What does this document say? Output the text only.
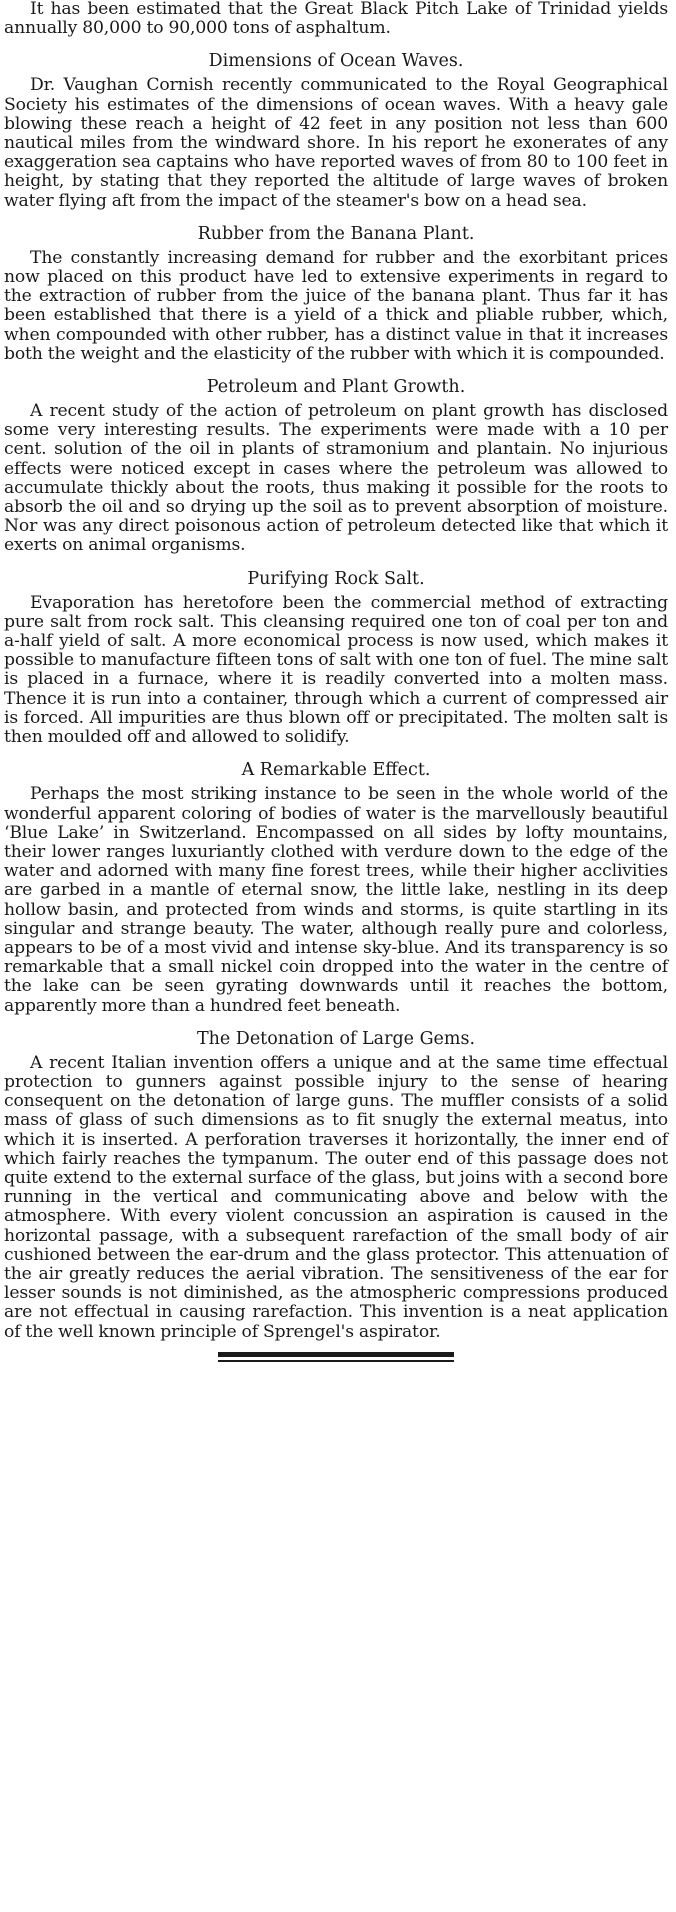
It has been estimated that the Great Black Pitch Lake of Trinidad yields annually 80,000 to 90,000 tons of asphaltum.

Dimensions of Ocean Waves.

Dr. Vaughan Cornish recently communicated to the Royal Geographical Society his estimates of the dimensions of ocean waves. With a heavy gale blowing these reach a height of 42 feet in any position not less than 600 nautical miles from the windward shore. In his report he exonerates of any exaggeration sea captains who have reported waves of from 80 to 100 feet in height, by stating that they reported the altitude of large waves of broken water flying aft from the impact of the steamer's bow on a head sea.

Rubber from the Banana Plant.

The constantly increasing demand for rubber and the exorbitant prices now placed on this product have led to extensive experiments in regard to the extraction of rubber from the juice of the banana plant. Thus far it has been established that there is a yield of a thick and pliable rubber, which, when compounded with other rubber, has a distinct value in that it increases both the weight and the elasticity of the rubber with which it is compounded.

Petroleum and Plant Growth.

A recent study of the action of petroleum on plant growth has disclosed some very interesting results. The experiments were made with a 10 per cent. solution of the oil in plants of stramonium and plantain. No injurious effects were noticed except in cases where the petroleum was allowed to accumulate thickly about the roots, thus making it possible for the roots to absorb the oil and so drying up the soil as to prevent absorption of moisture. Nor was any direct poisonous action of petroleum detected like that which it exerts on animal organisms.

Purifying Rock Salt.

Evaporation has heretofore been the commercial method of extracting pure salt from rock salt. This cleansing required one ton of coal per ton and a-half yield of salt. A more economical process is now used, which makes it possible to manufacture fifteen tons of salt with one ton of fuel. The mine salt is placed in a furnace, where it is readily converted into a molten mass. Thence it is run into a container, through which a current of compressed air is forced. All impurities are thus blown off or precipitated. The molten salt is then moulded off and allowed to solidify.

A Remarkable Effect.

Perhaps the most striking instance to be seen in the whole world of the wonderful apparent coloring of bodies of water is the marvellously beautiful ‘Blue Lake’ in Switzerland. Encompassed on all sides by lofty mountains, their lower ranges luxuriantly clothed with verdure down to the edge of the water and adorned with many fine forest trees, while their higher acclivities are garbed in a mantle of eternal snow, the little lake, nestling in its deep hollow basin, and protected from winds and storms, is quite startling in its singular and strange beauty. The water, although really pure and colorless, appears to be of a most vivid and intense sky-blue. And its transparency is so remarkable that a small nickel coin dropped into the water in the centre of the lake can be seen gyrating downwards until it reaches the bottom, apparently more than a hundred feet beneath.

The Detonation of Large Gems.

A recent Italian invention offers a unique and at the same time effectual protection to gunners against possible injury to the sense of hearing consequent on the detonation of large guns. The muffler consists of a solid mass of glass of such dimensions as to fit snugly the external meatus, into which it is inserted. A perforation traverses it horizontally, the inner end of which fairly reaches the tympanum. The outer end of this passage does not quite extend to the external surface of the glass, but joins with a second bore running in the vertical and communicating above and below with the atmosphere. With every violent concussion an aspiration is caused in the horizontal passage, with a subsequent rarefaction of the small body of air cushioned between the ear-drum and the glass protector. This attenuation of the air greatly reduces the aerial vibration. The sensitiveness of the ear for lesser sounds is not diminished, as the atmospheric compressions produced are not effectual in causing rarefaction. This invention is a neat application of the well known principle of Sprengel's aspirator.
